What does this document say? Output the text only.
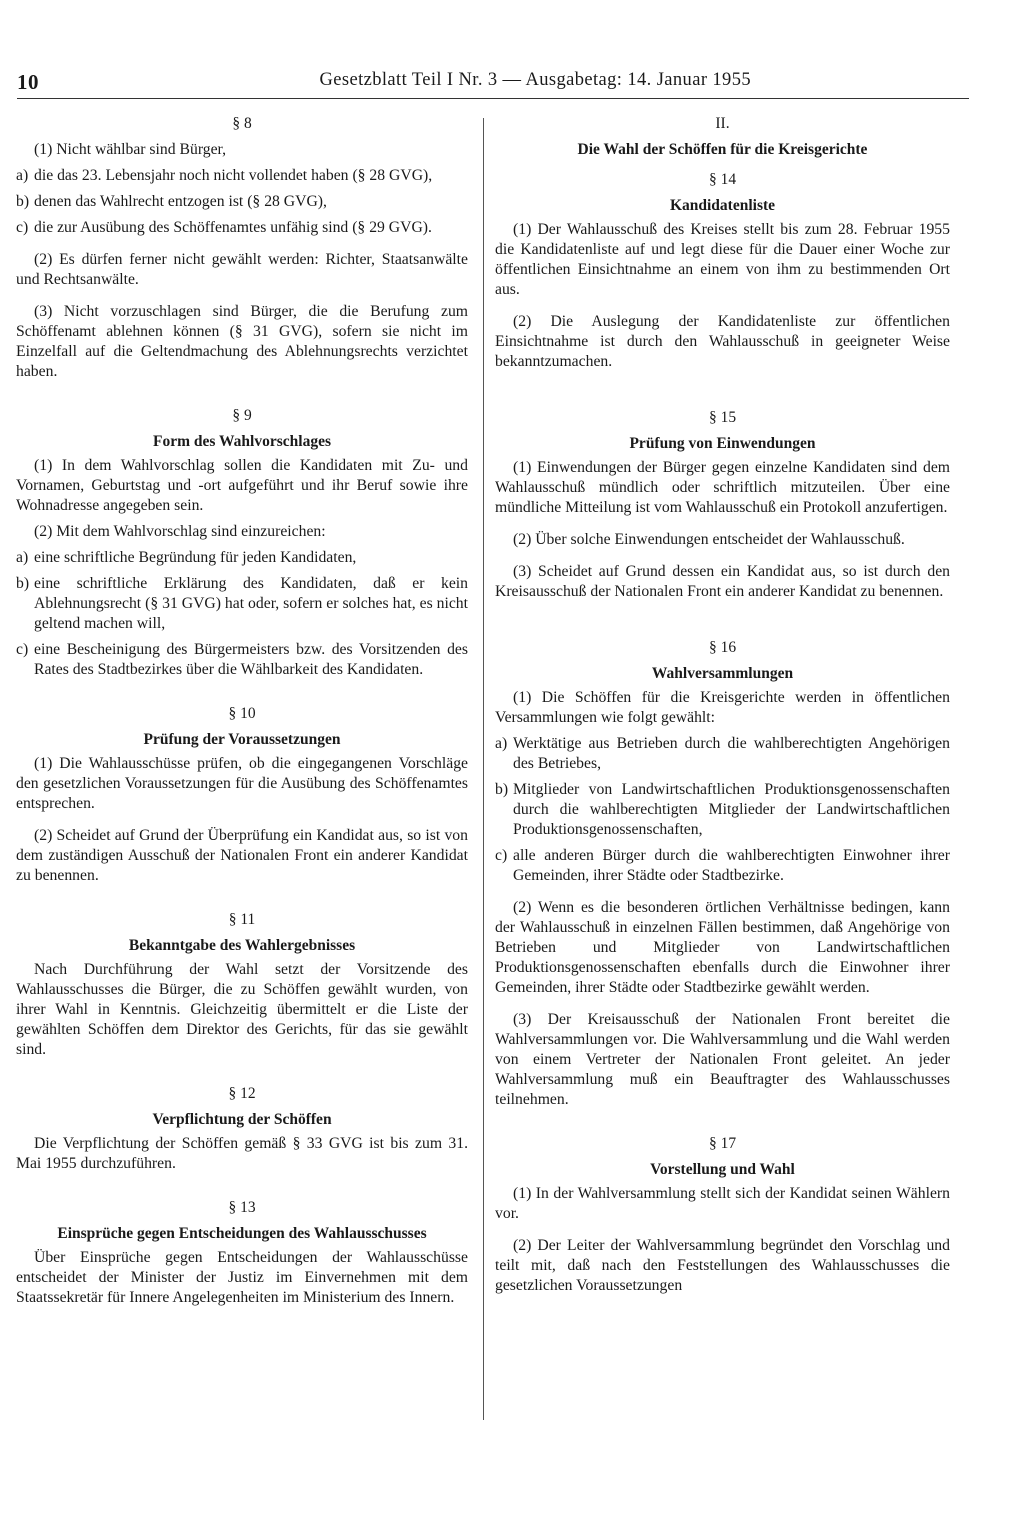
10	Gesetzblatt Teil I Nr. 3 — Ausgabetag: 14. Januar 1955

§ 8

(1) Nicht wählbar sind Bürger,

a) die das 23. Lebensjahr noch nicht vollendet haben (§ 28 GVG),

b) denen das Wahlrecht entzogen ist (§ 28 GVG),

c) die zur Ausübung des Schöffenamtes unfähig sind (§ 29 GVG).

(2) Es dürfen ferner nicht gewählt werden: Richter, Staatsanwälte und Rechtsanwälte.

(3) Nicht vorzuschlagen sind Bürger, die die Berufung zum Schöffenamt ablehnen können (§ 31 GVG), sofern sie nicht im Einzelfall auf die Geltendmachung des Ablehnungsrechts verzichtet haben.

§ 9

Form des Wahlvorschlages

(1) In dem Wahlvorschlag sollen die Kandidaten mit Zu- und Vornamen, Geburtstag und -ort aufgeführt und ihr Beruf sowie ihre Wohnadresse angegeben sein.

(2) Mit dem Wahlvorschlag sind einzureichen:

a) eine schriftliche Begründung für jeden Kandidaten,

b) eine schriftliche Erklärung des Kandidaten, daß er kein Ablehnungsrecht (§ 31 GVG) hat oder, sofern er solches hat, es nicht geltend machen will,

c) eine Bescheinigung des Bürgermeisters bzw. des Vorsitzenden des Rates des Stadtbezirkes über die Wählbarkeit des Kandidaten.

§ 10

Prüfung der Voraussetzungen

(1) Die Wahlausschüsse prüfen, ob die eingegangenen Vorschläge den gesetzlichen Voraussetzungen für die Ausübung des Schöffenamtes entsprechen.

(2) Scheidet auf Grund der Überprüfung ein Kandidat aus, so ist von dem zuständigen Ausschuß der Nationalen Front ein anderer Kandidat zu benennen.

§ 11

Bekanntgabe des Wahlergebnisses

Nach Durchführung der Wahl setzt der Vorsitzende des Wahlausschusses die Bürger, die zu Schöffen gewählt wurden, von ihrer Wahl in Kenntnis. Gleichzeitig übermittelt er die Liste der gewählten Schöffen dem Direktor des Gerichts, für das sie gewählt sind.

§ 12

Verpflichtung der Schöffen

Die Verpflichtung der Schöffen gemäß § 33 GVG ist bis zum 31. Mai 1955 durchzuführen.

§ 13

Einsprüche gegen Entscheidungen des Wahlausschusses

Über Einsprüche gegen Entscheidungen der Wahlausschüsse entscheidet der Minister der Justiz im Einvernehmen mit dem Staatssekretär für Innere Angelegenheiten im Ministerium des Innern.

II.

Die Wahl der Schöffen für die Kreisgerichte

§ 14

Kandidatenliste

(1) Der Wahlausschuß des Kreises stellt bis zum 28. Februar 1955 die Kandidatenliste auf und legt diese für die Dauer einer Woche zur öffentlichen Einsichtnahme an einem von ihm zu bestimmenden Ort aus.

(2) Die Auslegung der Kandidatenliste zur öffentlichen Einsichtnahme ist durch den Wahlausschuß in geeigneter Weise bekanntzumachen.

§ 15

Prüfung von Einwendungen

(1) Einwendungen der Bürger gegen einzelne Kandidaten sind dem Wahlausschuß mündlich oder schriftlich mitzuteilen. Über eine mündliche Mitteilung ist vom Wahlausschuß ein Protokoll anzufertigen.

(2) Über solche Einwendungen entscheidet der Wahlausschuß.

(3) Scheidet auf Grund dessen ein Kandidat aus, so ist durch den Kreisausschuß der Nationalen Front ein anderer Kandidat zu benennen.

§ 16

Wahlversammlungen

(1) Die Schöffen für die Kreisgerichte werden in öffentlichen Versammlungen wie folgt gewählt:

a) Werktätige aus Betrieben durch die wahlberechtigten Angehörigen des Betriebes,

b) Mitglieder von Landwirtschaftlichen Produktionsgenossenschaften durch die wahlberechtigten Mitglieder der Landwirtschaftlichen Produktionsgenossenschaften,

c) alle anderen Bürger durch die wahlberechtigten Einwohner ihrer Gemeinden, ihrer Städte oder Stadtbezirke.

(2) Wenn es die besonderen örtlichen Verhältnisse bedingen, kann der Wahlausschuß in einzelnen Fällen bestimmen, daß Angehörige von Betrieben und Mitglieder von Landwirtschaftlichen Produktionsgenossenschaften ebenfalls durch die Einwohner ihrer Gemeinden, ihrer Städte oder Stadtbezirke gewählt werden.

(3) Der Kreisausschuß der Nationalen Front bereitet die Wahlversammlungen vor. Die Wahlversammlung und die Wahl werden von einem Vertreter der Nationalen Front geleitet. An jeder Wahlversammlung muß ein Beauftragter des Wahlausschusses teilnehmen.

§ 17

Vorstellung und Wahl

(1) In der Wahlversammlung stellt sich der Kandidat seinen Wählern vor.

(2) Der Leiter der Wahlversammlung begründet den Vorschlag und teilt mit, daß nach den Feststellungen des Wahlausschusses die gesetzlichen Voraussetzungen
